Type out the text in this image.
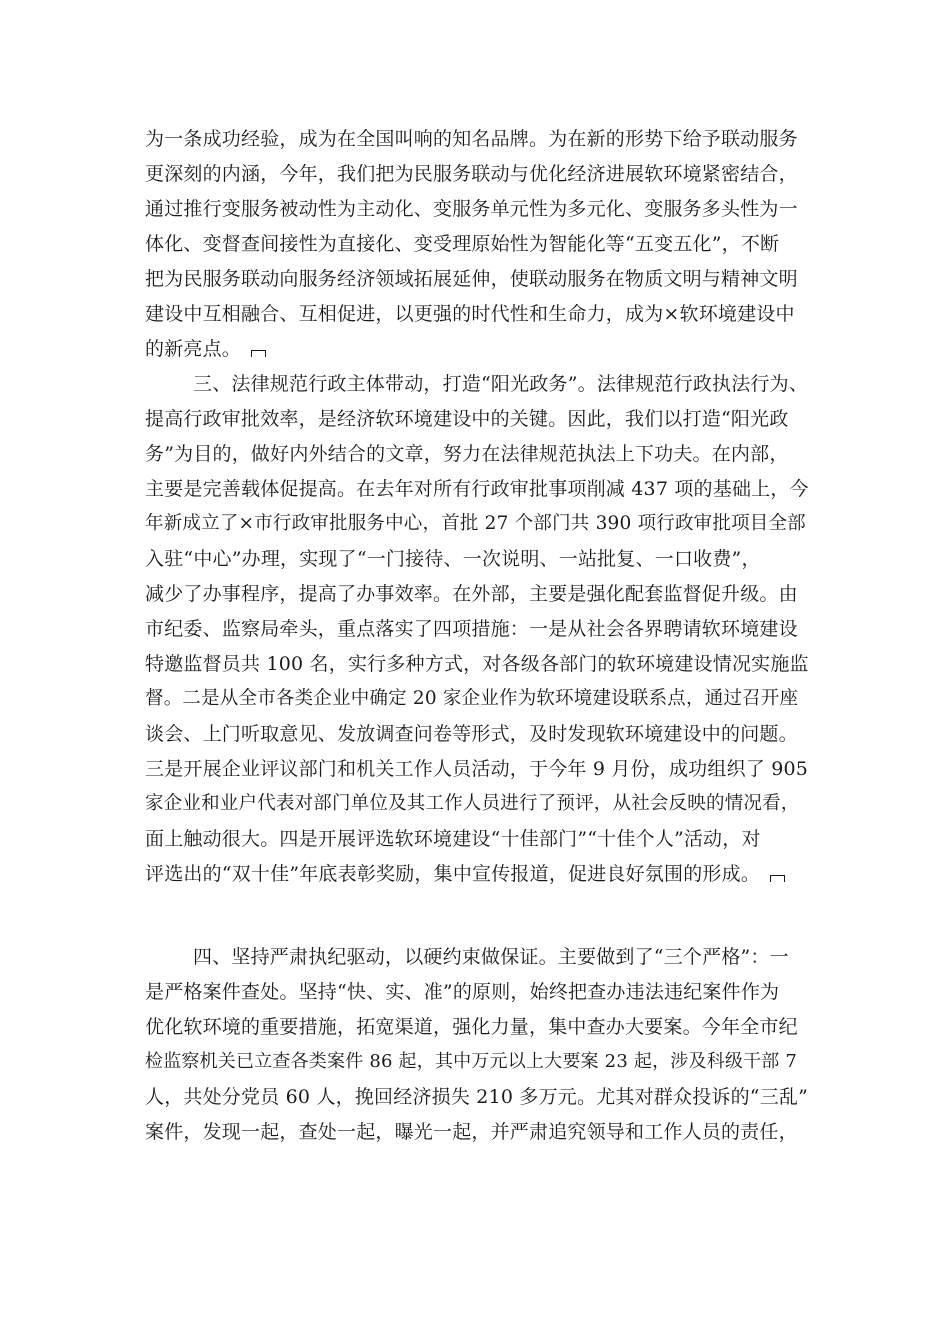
为一条成功经验，成为在全国叫响的知名品牌。为在新的形势下给予联动服务
更深刻的内涵，今年，我们把为民服务联动与优化经济进展软环境紧密结合，
通过推行变服务被动性为主动化、变服务单元性为多元化、变服务多头性为一
体化、变督查间接性为直接化、变受理原始性为智能化等“五变五化”，不断
把为民服务联动向服务经济领域拓展延伸，使联动服务在物质文明与精神文明
建设中互相融合、互相促进，以更强的时代性和生命力，成为×软环境建设中
的新亮点。
三、法律规范行政主体带动，打造“阳光政务”。法律规范行政执法行为、
提高行政审批效率，是经济软环境建设中的关键。因此，我们以打造“阳光政
务”为目的，做好内外结合的文章，努力在法律规范执法上下功夫。在内部，
主要是完善载体促提高。在去年对所有行政审批事项削减 437 项的基础上，今
年新成立了×市行政审批服务中心，首批 27 个部门共 390 项行政审批项目全部
入驻“中心”办理，实现了“一门接待、一次说明、一站批复、一口收费”，
减少了办事程序，提高了办事效率。在外部，主要是强化配套监督促升级。由
市纪委、监察局牵头，重点落实了四项措施：一是从社会各界聘请软环境建设
特邀监督员共 100 名，实行多种方式，对各级各部门的软环境建设情况实施监
督。二是从全市各类企业中确定 20 家企业作为软环境建设联系点，通过召开座
谈会、上门听取意见、发放调查问卷等形式，及时发现软环境建设中的问题。
三是开展企业评议部门和机关工作人员活动，于今年 9 月份，成功组织了 905
家企业和业户代表对部门单位及其工作人员进行了预评，从社会反映的情况看，
面上触动很大。四是开展评选软环境建设“十佳部门”“十佳个人”活动，对
评选出的“双十佳”年底表彰奖励，集中宣传报道，促进良好氛围的形成。
四、坚持严肃执纪驱动，以硬约束做保证。主要做到了“三个严格”：一
是严格案件查处。坚持“快、实、准”的原则，始终把查办违法违纪案件作为
优化软环境的重要措施，拓宽渠道，强化力量，集中查办大要案。今年全市纪
检监察机关已立查各类案件 86 起，其中万元以上大要案 23 起，涉及科级干部 7
人，共处分党员 60 人，挽回经济损失 210 多万元。尤其对群众投诉的“三乱”
案件，发现一起，查处一起，曝光一起，并严肃追究领导和工作人员的责任，
